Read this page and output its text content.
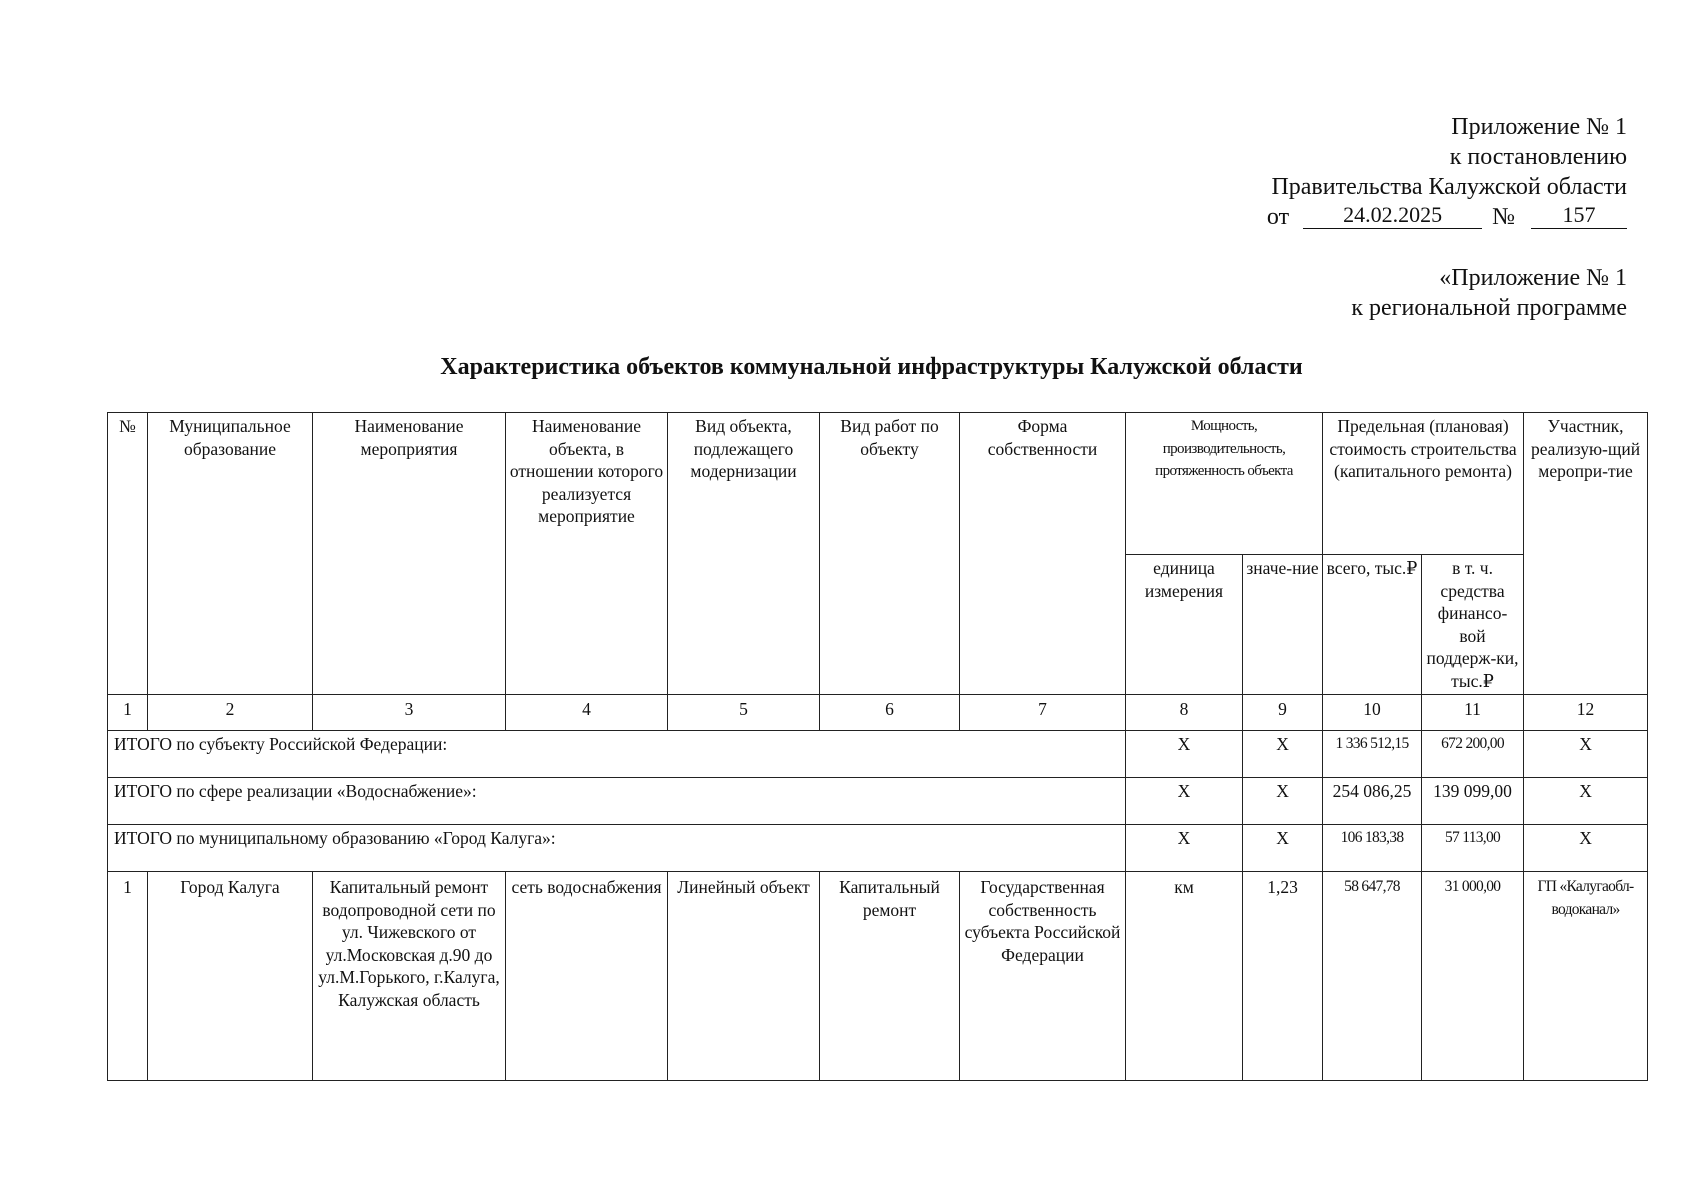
Приложение № 1
к постановлению
Правительства Калужской области
от 24.02.2025 № 157
«Приложение № 1
к региональной программе
Характеристика объектов коммунальной инфраструктуры Калужской области
№	Муниципальное образование	Наименование мероприятия	Наименование объекта, в отношении которого реализуется мероприятие	Вид объекта, подлежащего модернизации	Вид работ по объекту	Форма собственности	Мощность, производительность, протяженность объекта		Предельная (плановая) стоимость строительства (капитального ремонта)		Участник, реализую-щий меропри-тие
							единица измерения	значе-ние	всего, тыс.₽	в т. ч. средства финансо-вой поддерж-ки, тыс.₽	
1	2	3	4	5	6	7	8	9	10	11	12
ИТОГО по субъекту Российской Федерации:							Х	Х	1 336 512,15	672 200,00	Х
ИТОГО по сфере реализации «Водоснабжение»:							Х	Х	254 086,25	139 099,00	Х
ИТОГО по муниципальному образованию «Город Калуга»:							Х	Х	106 183,38	57 113,00	Х
1	Город Калуга	Капитальный ремонт водопроводной сети по ул. Чижевского от ул.Московская д.90 до ул.М.Горького, г.Калуга, Калужская область	сеть водоснабжения	Линейный объект	Капитальный ремонт	Государственная собственность субъекта Российской Федерации	км	1,23	58 647,78	31 000,00	ГП «Калугаобл-водоканал»
